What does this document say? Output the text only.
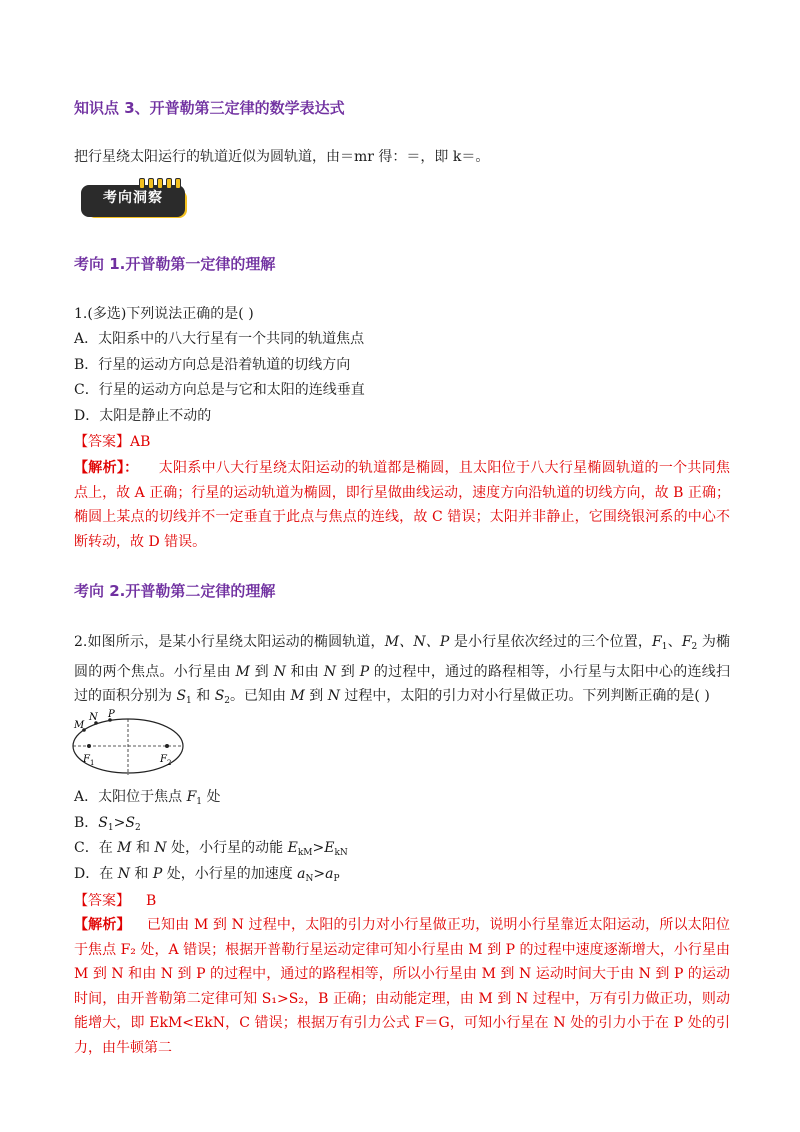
知识点 3、开普勒第三定律的数学表达式
把行星绕太阳运行的轨道近似为圆轨道，由＝mr 得：＝，即 k＝。
考向洞察
考向 1.开普勒第一定律的理解
1.(多选)下列说法正确的是( )
A．太阳系中的八大行星有一个共同的轨道焦点
B．行星的运动方向总是沿着轨道的切线方向
C．行星的运动方向总是与它和太阳的连线垂直
D．太阳是静止不动的
【答案】AB
【解析】： 太阳系中八大行星绕太阳运动的轨道都是椭圆，且太阳位于八大行星椭圆轨道的一个共同焦点上，故 A 正确；行星的运动轨道为椭圆，即行星做曲线运动，速度方向沿轨道的切线方向，故 B 正确；椭圆上某点的切线并不一定垂直于此点与焦点的连线，故 C 错误；太阳并非静止，它围绕银河系的中心不断转动，故 D 错误。
考向 2.开普勒第二定律的理解
2.如图所示，是某小行星绕太阳运动的椭圆轨道，M、N、P 是小行星依次经过的三个位置，$F_1$、$F_2$ 为椭圆的两个焦点。小行星由 M 到 N 和由 N 到 P 的过程中，通过的路程相等，小行星与太阳中心的连线扫过的面积分别为 $S_1$ 和 $S_2$。已知由 M 到 N 过程中，太阳的引力对小行星做正功。下列判断正确的是( )
M
N P
F 1	F 2
A．太阳位于焦点 $F_1$ 处
B．$S_1>S_2$
C．在 M 和 N 处，小行星的动能 $E_{kM}>E_{kN}$
D．在 N 和 P 处，小行星的加速度 $a_N>a_P$
【答案】 B
【解析】 已知由 M 到 N 过程中，太阳的引力对小行星做正功，说明小行星靠近太阳运动，所以太阳位于焦点 F₂ 处，A 错误；根据开普勒行星运动定律可知小行星由 M 到 P 的过程中速度逐渐增大，小行星由 M 到 N 和由 N 到 P 的过程中，通过的路程相等，所以小行星由 M 到 N 运动时间大于由 N 到 P 的运动时间，由开普勒第二定律可知 S₁>S₂，B 正确；由动能定理，由 M 到 N 过程中，万有引力做正功，则动能增大，即 EkM<EkN，C 错误；根据万有引力公式 F＝G，可知小行星在 N 处的引力小于在 P 处的引力，由牛顿第二
